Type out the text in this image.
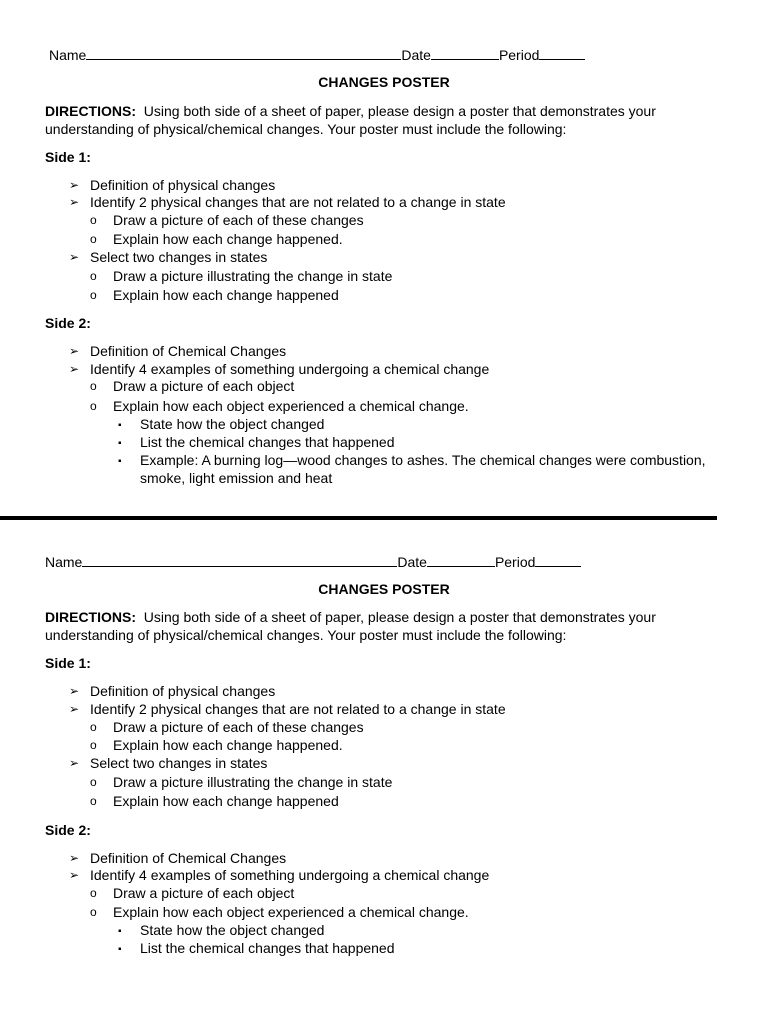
Name	Date	Period
CHANGES POSTER
DIRECTIONS: Using both side of a sheet of paper, please design a poster that demonstrates your
understanding of physical/chemical changes. Your poster must include the following:
Side 1:
➢ Definition of physical changes
➢ Identify 2 physical changes that are not related to a change in state
o	Draw a picture of each of these changes
o	Explain how each change happened.
➢ Select two changes in states
o	Draw a picture illustrating the change in state
o	Explain how each change happened
Side 2:
➢ Definition of Chemical Changes
➢ Identify 4 examples of something undergoing a chemical change
o	Draw a picture of each object
o	Explain how each object experienced a chemical change.
▪	State how the object changed
▪	List the chemical changes that happened
▪	Example: A burning log—wood changes to ashes. The chemical changes were combustion,
smoke, light emission and heat
Name	Date	Period
CHANGES POSTER
DIRECTIONS: Using both side of a sheet of paper, please design a poster that demonstrates your
understanding of physical/chemical changes. Your poster must include the following:
Side 1:
➢ Definition of physical changes
➢ Identify 2 physical changes that are not related to a change in state
o	Draw a picture of each of these changes
o	Explain how each change happened.
➢ Select two changes in states
o	Draw a picture illustrating the change in state
o	Explain how each change happened
Side 2:
➢ Definition of Chemical Changes
➢ Identify 4 examples of something undergoing a chemical change
o	Draw a picture of each object
o	Explain how each object experienced a chemical change.
▪	State how the object changed
▪	List the chemical changes that happened
